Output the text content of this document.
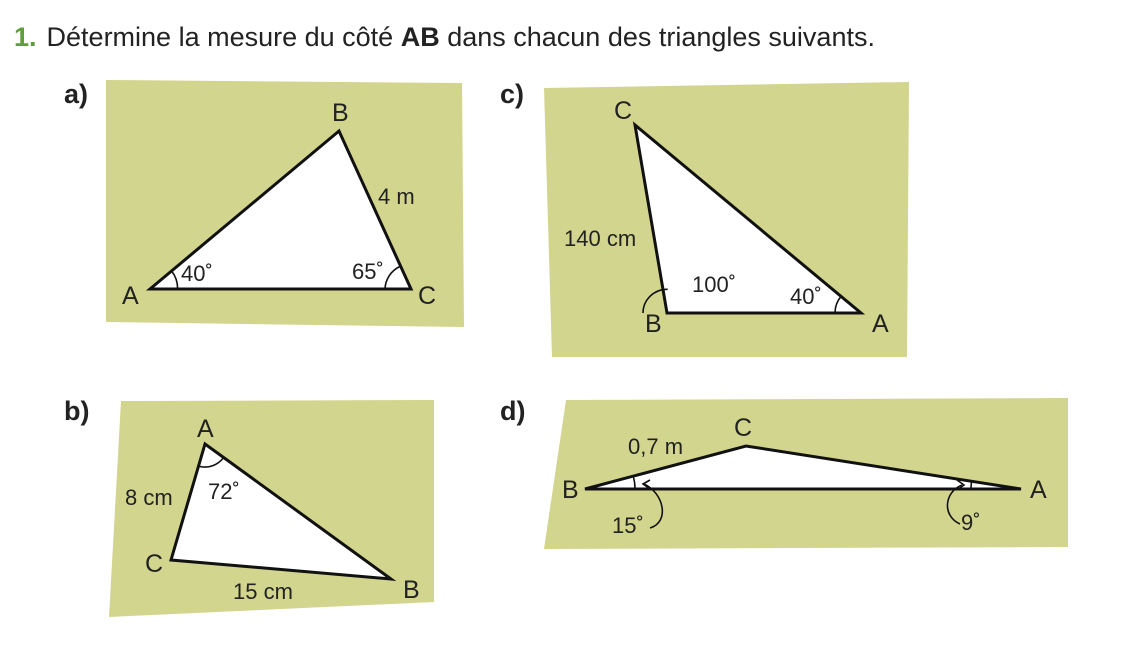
1. Détermine la mesure du côté AB dans chacun des triangles suivants.
a)
A
B
C
4 m
40˚	65˚
c)
C
B	A
140 cm
100˚ 40˚
b)
A
C
B
8 cm
15 cm
72˚
d)
C
B	A
0,7 m
15˚	9˚
